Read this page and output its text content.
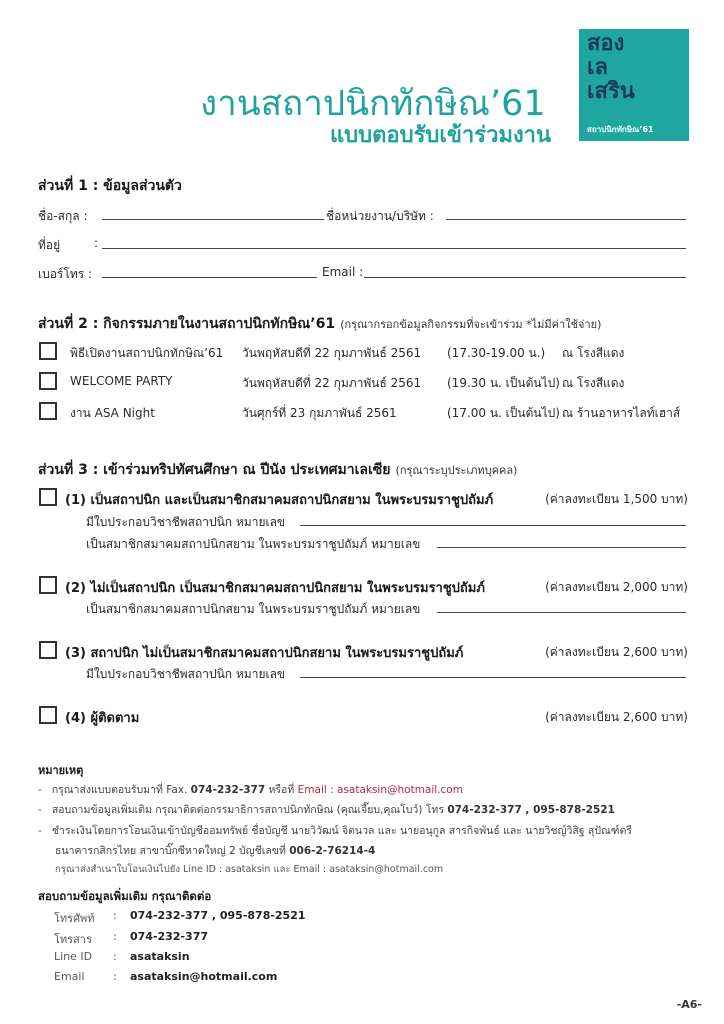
งานสถาปนิกทักษิณ’61
แบบตอบรับเข้าร่วมงาน
สอง
เล
เสริน
สถาปนิกทักษิณ’61
ส่วนที่ 1 : ข้อมูลส่วนตัว
ชื่อ-สกุล :	ชื่อหน่วยงาน/บริษัท :
ที่อยู่	:
เบอร์โทร :	Email :
ส่วนที่ 2 : กิจกรรมภายในงานสถาปนิกทักษิณ’61 (กรุณากรอกข้อมูลกิจกรรมที่จะเข้าร่วม *ไม่มีค่าใช้จ่าย)
พิธีเปิดงานสถาปนิกทักษิณ’61 วันพฤหัสบดีที่ 22 กุมภาพันธ์ 2561 (17.30-19.00 น.) ณ โรงสีแดง
WELCOME PARTY	วันพฤหัสบดีที่ 22 กุมภาพันธ์ 2561 (19.30 น. เป็นต้นไป) ณ โรงสีแดง
งาน ASA Night	วันศุกร์ที่ 23 กุมภาพันธ์ 2561	(17.00 น. เป็นต้นไป) ณ ร้านอาหารไลท์เฮาส์
ส่วนที่ 3 : เข้าร่วมทริปทัศนศึกษา ณ ปีนัง ประเทศมาเลเซีย (กรุณาระบุประเภทบุคคล)
(1) เป็นสถาปนิก และเป็นสมาชิกสมาคมสถาปนิกสยาม ในพระบรมราชูปถัมภ์	(ค่าลงทะเบียน 1,500 บาท)
มีใบประกอบวิชาชีพสถาปนิก หมายเลข
เป็นสมาชิกสมาคมสถาปนิกสยาม ในพระบรมราชูปถัมภ์ หมายเลข
(2) ไม่เป็นสถาปนิก เป็นสมาชิกสมาคมสถาปนิกสยาม ในพระบรมราชูปถัมภ์	(ค่าลงทะเบียน 2,000 บาท)
เป็นสมาชิกสมาคมสถาปนิกสยาม ในพระบรมราชูปถัมภ์ หมายเลข
(3) สถาปนิก ไม่เป็นสมาชิกสมาคมสถาปนิกสยาม ในพระบรมราชูปถัมภ์	(ค่าลงทะเบียน 2,600 บาท)
มีใบประกอบวิชาชีพสถาปนิก หมายเลข
(4) ผู้ติดตาม	(ค่าลงทะเบียน 2,600 บาท)
หมายเหตุ
- กรุณาส่งแบบตอบรับมาที่ Fax. 074-232-377 หรือที่ Email : asataksin@hotmail.com
- สอบถามข้อมูลเพิ่มเติม กรุณาติดต่อกรรมาธิการสถาปนิกทักษิณ (คุณเจี๊ยบ,คุณโบว์) โทร 074-232-377 , 095-878-2521
- ชำระเงินโดยการโอนเงินเข้าบัญชีออมทรัพย์ ชื่อบัญชี นายวิวัฒน์ จิตนวล และ นายอนุกูล สารกิจพันธ์ และ นายวิชญ์วิสิฐ สุปัณฑ์ตรี
ธนาคารกสิกรไทย สาขาบิ๊กซีหาดใหญ่ 2 บัญชีเลขที่ 006-2-76214-4
กรุณาส่งสำเนาใบโอนเงินไปยัง Line ID : asataksin และ Email : asataksin@hotmail.com
สอบถามข้อมูลเพิ่มเติม กรุณาติดต่อ
โทรศัพท์ : 074-232-377 , 095-878-2521
โทรสาร : 074-232-377
Line ID : asataksin
Email	: asataksin@hotmail.com
-A6-
